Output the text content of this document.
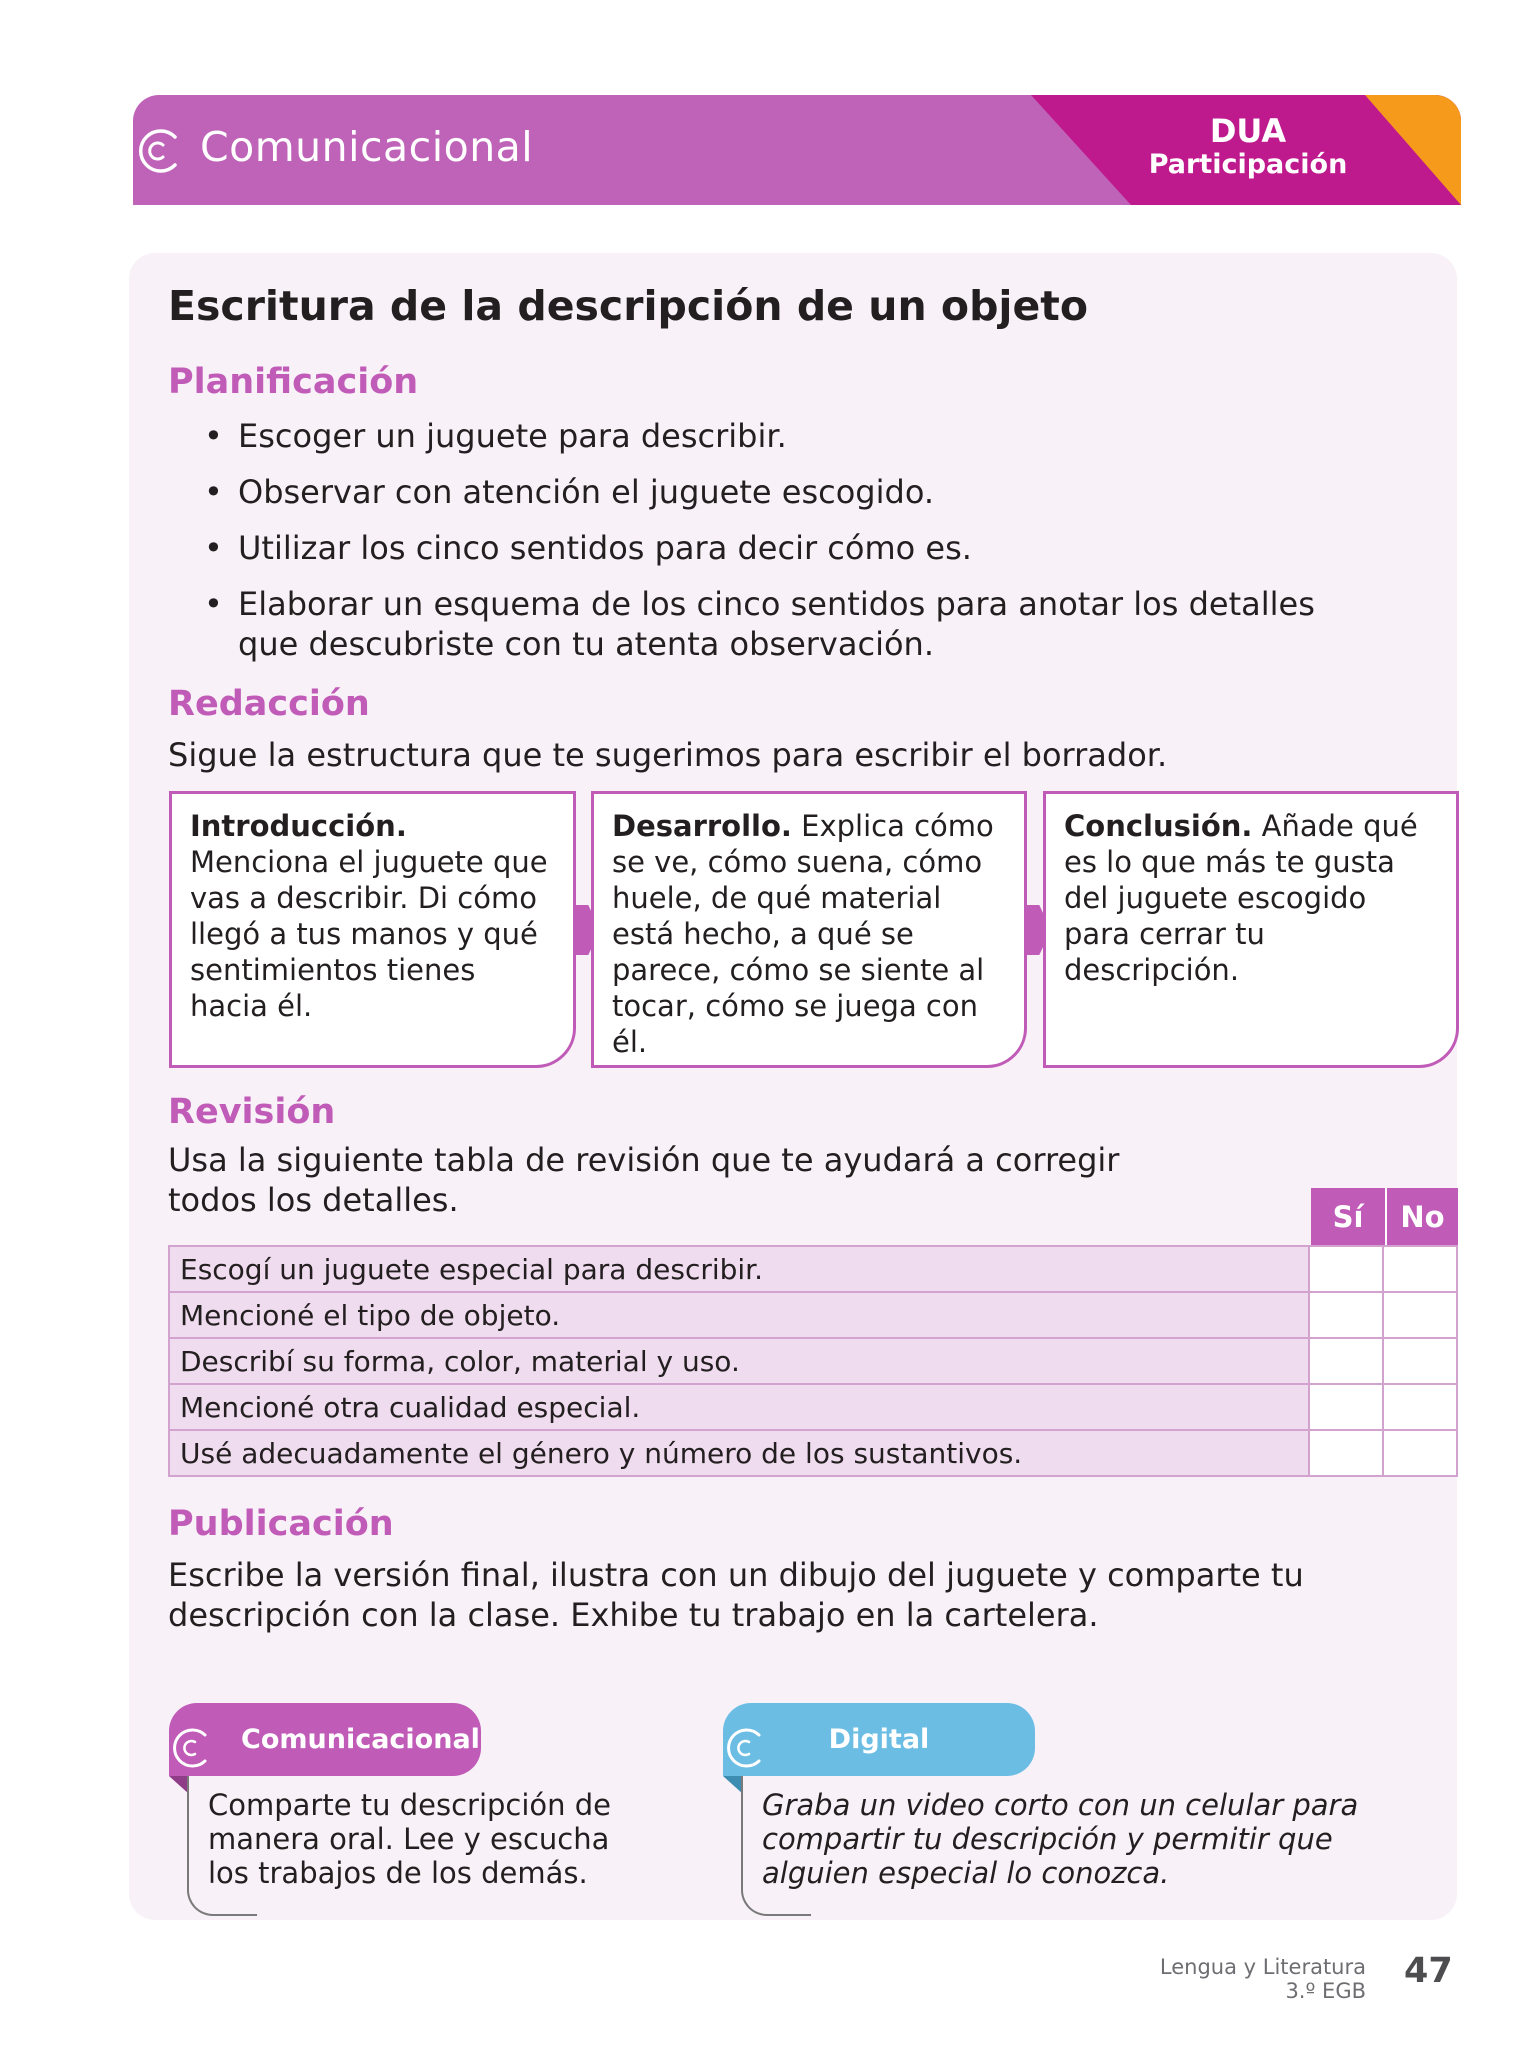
Comunicacional	DUA
Participación
Escritura de la descripción de un objeto
Planificación
• Escoger un juguete para describir.
• Observar con atención el juguete escogido.
• Utilizar los cinco sentidos para decir cómo es.
• Elaborar un esquema de los cinco sentidos para anotar los detalles que descubriste con tu atenta observación.
Redacción

Sigue la estructura que te sugerimos para escribir el borrador.

Introducción. Menciona el juguete que vas a describir. Di cómo llegó a tus manos y qué sentimientos tienes hacia él.
Desarrollo. Explica cómo se ve, cómo suena, cómo huele, de qué material está hecho, a qué se parece, cómo se siente al tocar, cómo se juega con él.
Conclusión. Añade qué es lo que más te gusta del juguete escogido para cerrar tu descripción.
Revisión

Usa la siguiente tabla de revisión que te ayudará a corregir todos los detalles.	Sí	No
Escogí un juguete especial para describir.		
Mencioné el tipo de objeto.		
Describí su forma, color, material y uso.		
Mencioné otra cualidad especial.		
Usé adecuadamente el género y número de los sustantivos.		
Publicación

Escribe la versión final, ilustra con un dibujo del juguete y comparte tu descripción con la clase. Exhibe tu trabajo en la cartelera.

Comunicacional

Comparte tu descripción de manera oral. Lee y escucha los trabajos de los demás.

Digital

Graba un video corto con un celular para compartir tu descripción y permitir que alguien especial lo conozca.

Lengua y Literatura
3.º EGB 47
